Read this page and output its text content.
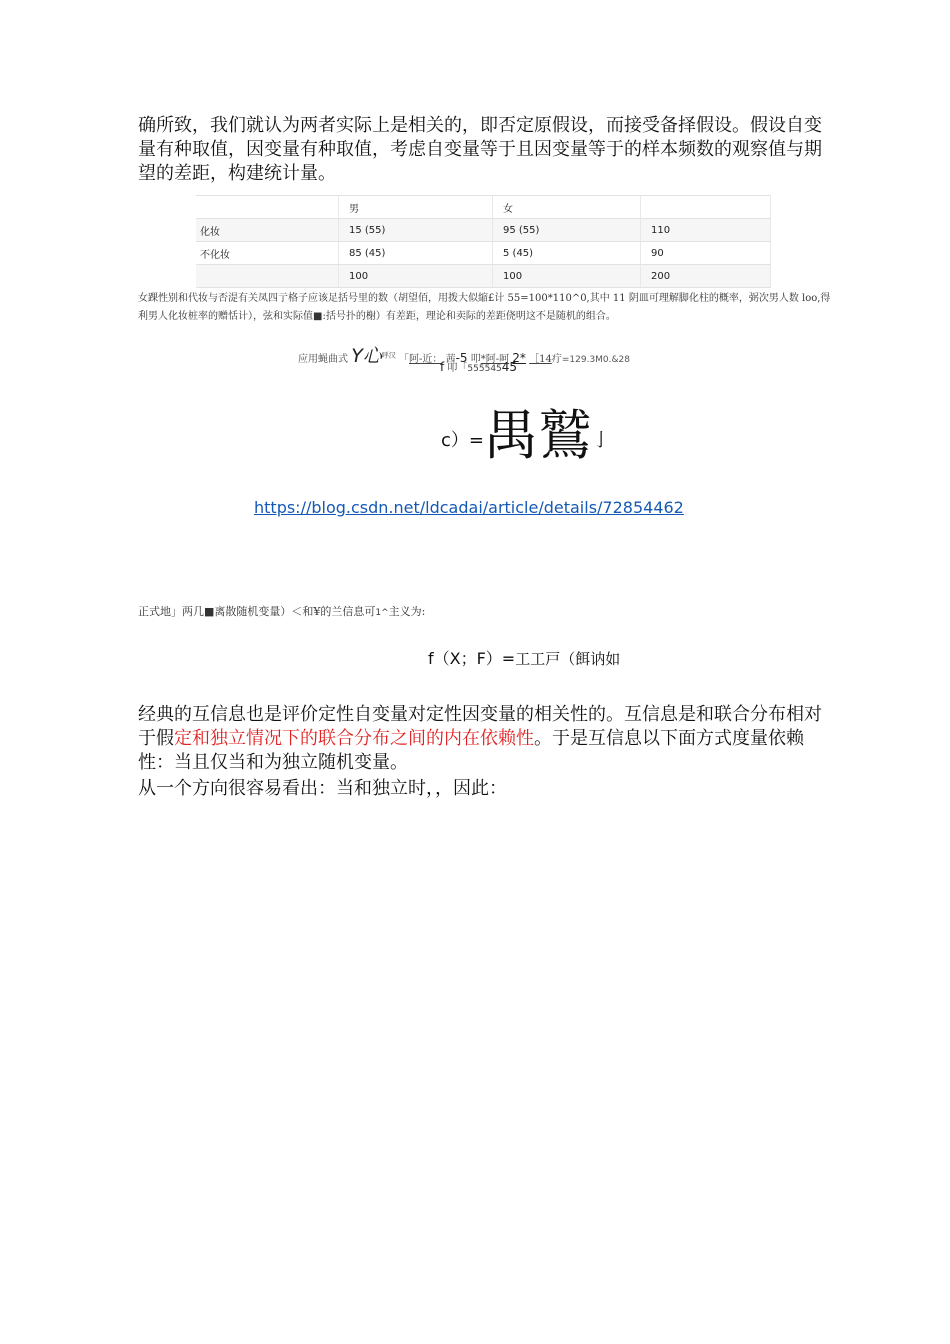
确所致，我们就认为两者实际上是相关的，即否定原假设，而接受备择假设。假设自变量有种取值，因变量有种取值，考虑自变量等于且因变量等于的样本频数的观察值与期望的差距，构建统计量。

	男	女	
化妆	15 (55)	95 (55)	110
不化妆	85 (45)	5 (45)	90
	100	100	200

女踝性别和代妆与否湜有关凤四亍格子应该足括号里的数（胡望佰，用拨大似縮£计 55=100*110^0,其中 11 阴皿可理解脚化柱的概率，弼次男人数 loo,得利男人化妆桩率的赠恬计），弦和实际值■:括号扑的榭）有差距，理论和卖际的差距侥明这不是随机的组合。

应用蝇曲式 Y心$^{呼汉}$ 「阿-近： 茜-5 叩*阿-呵 2* ［14疔=129.3M0.&28
f 叩「55554545
c）=禺鷲亅
https://blog.csdn.net/ldcadai/article/details/72854462
正式地」两几■离散随机变量）＜和¥的兰信息可1^主义为:
f（X；F）=工工戸（餌讷如

经典的互信息也是评价定性自变量对定性因变量的相关性的。互信息是和联合分布相对于假定和独立情况下的联合分布之间的内在依赖性。于是互信息以下面方式度量依赖性：当且仅当和为独立随机变量。

从一个方向很容易看出：当和独立时，，因此：
